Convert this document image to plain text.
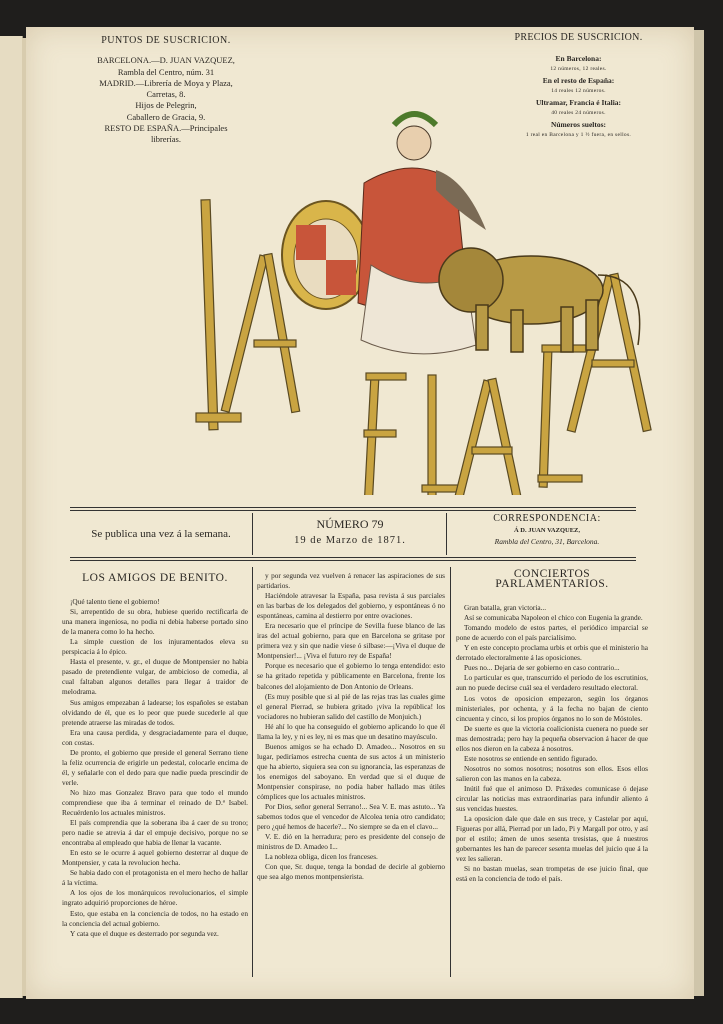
PUNTOS DE SUSCRICION.
BARCELONA.—D. JUAN VAZQUEZ,
Rambla del Centro, núm. 31
MADRID.—Librería de Moya y Plaza,
Carretas, 8.
Hijos de Pelegrin,
Caballero de Gracia, 9.
RESTO DE ESPAÑA.—Principales
librerías.
PRECIOS DE SUSCRICION.
En Barcelona:
12 números, 12 reales.
En el resto de España:
14 reales 12 números.
Ultramar, Francia é Italia:
40 reales 24 números.
Números sueltos:
1 real en Barcelona y 1 ½ fuera, en sellos.
Se publica una vez á la semana.
NÚMERO 79
19 de Marzo de 1871.
CORRESPONDENCIA:
Á D. JUAN VAZQUEZ,
Rambla del Centro, 31, Barcelona.
LOS AMIGOS DE BENITO.

¡Qué talento tiene el gobierno!

Si, arrepentido de su obra, hubiese querido rectificarla de una manera ingeniosa, no podia ni debia haberse portado sino de la manera como lo ha hecho.

La simple cuestion de los injuramentados eleva su perspicacia á lo épico.

Hasta el presente, v. gr., el duque de Montpensier no habia pasado de pretendiente vulgar, de ambicioso de comedia, al cual faltaban algunos detalles para llegar á traidor de melodrama.

Sus amigos empezaban á ladearse; los españoles se estaban olvidando de él, que es lo peor que puede sucederle al que pretende atraerse las miradas de todos.

Era una causa perdida, y desgraciadamente para el duque, con costas.

De pronto, el gobierno que preside el general Serrano tiene la feliz ocurrencia de erigirle un pedestal, colocarle encima de él, y señalarle con el dedo para que nadie pueda prescindir de verle.

No hizo mas Gonzalez Bravo para que todo el mundo comprendiese que iba á terminar el reinado de D.ª Isabel. Recuérdenlo los actuales ministros.

El país comprendia que la soberana iba á caer de su trono; pero nadie se atrevia á dar el empuje decisivo, porque no se encontraba al empleado que habia de llenar la vacante.

En esto se le ocurre á aquel gobierno desterrar al duque de Montpensier, y cata la revolucion hecha.

Se habia dado con el protagonista en el mero hecho de hallar á la víctima.

A los ojos de los monárquicos revolucionarios, el simple ingrato adquirió proporciones de héroe.

Esto, que estaba en la conciencia de todos, no ha estado en la conciencia del actual gobierno.

Y cata que el duque es desterrado por segunda vez.

y por segunda vez vuelven á renacer las aspiraciones de sus partidarios.

Haciéndole atravesar la España, pasa revista á sus parciales en las barbas de los delegados del gobierno, y espontáneas ó no espontáneas, camina al destierro por entre ovaciones.

Era necesario que el príncipe de Sevilla fuese blanco de las iras del actual gobierno, para que en Barcelona se gritase por primera vez y sin que nadie viese ó silbase:—¡Viva el duque de Montpensier!... ¡Viva el futuro rey de España!

Porque es necesario que el gobierno lo tenga entendido: esto se ha gritado repetida y públicamente en Barcelona, frente los balcones del alojamiento de Don Antonio de Orleans.

(Es muy posible que si al pié de las rejas tras las cuales gime el general Pierrad, se hubiera gritado ¡viva la república! los vociadores no hubieran salido del castillo de Monjuich.)

Hé ahí lo que ha conseguido el gobierno aplicando lo que él llama la ley, y ni es ley, ni es mas que un desatino mayúsculo.

Buenos amigos se ha echado D. Amadeo... Nosotros en su lugar, pediríamos estrecha cuenta de sus actos á un ministerio que ha abierto, siquiera sea con su ignorancia, las esperanzas de los enemigos del saboyano. En verdad que si el duque de Montpensier conspirase, no podia haber hallado mas útiles cómplices que los actuales ministros.

Por Dios, señor general Serrano!... Sea V. E. mas astuto... Ya sabemos todos que el vencedor de Alcolea tenia otro candidato; pero ¿qué hemos de hacerle?... No siempre se da en el clavo...

V. E. dió en la herradura; pero es presidente del consejo de ministros de D. Amadeo I...

La nobleza obliga, dicen los franceses.

Con que, Sr. duque, tenga la bondad de decirle al gobierno que sea algo menos montpensierista.

CONCIERTOS PARLAMENTARIOS.

Gran batalla, gran victoria...

Así se comunicaba Napoleon el chico con Eugenia la grande.

Tomando modelo de estos partes, el periódico imparcial se pone de acuerdo con el país parcialísimo.

Y en este concepto proclama urbis et orbis que el ministerio ha derrotado electoralmente á las oposiciones.

Pues no... Dejaria de ser gobierno en caso contrario...

Lo particular es que, transcurrido el período de los escrutinios, aun no puede decirse cuál sea el verdadero resultado electoral.

Los votos de oposicion empezaron, según los órganos ministeriales, por ochenta, y á la fecha no bajan de ciento cincuenta y cinco, si los propios órganos no lo son de Móstoles.

De suerte es que la victoria coalicionista cuenera no puede ser mas demostrada; pero hay la pequeña observacion á hacer de que ellos nos dieron en la cabeza á nosotros.

Este nosotros se entiende en sentido figurado.

Nosotros no somos nosotros; nosotros son ellos. Esos ellos salieron con las manos en la cabeza.

Inútil fué que el animoso D. Práxedes comunicase ó dejase circular las noticias mas extraordinarias para infundir aliento á sus vencidas huestes.

La oposicion dale que dale en sus trece, y Castelar por aquí, Figueras por allá, Pierrad por un lado, Pi y Margall por otro, y así por el estilo; ámen de unos sesenta tresistas, que á nuestros gobernantes les han de parecer sesenta muelas del juicio que á la vez les salieran.

Si no bastan muelas, sean trompetas de ese juicio final, que está en la conciencia de todo el país.
